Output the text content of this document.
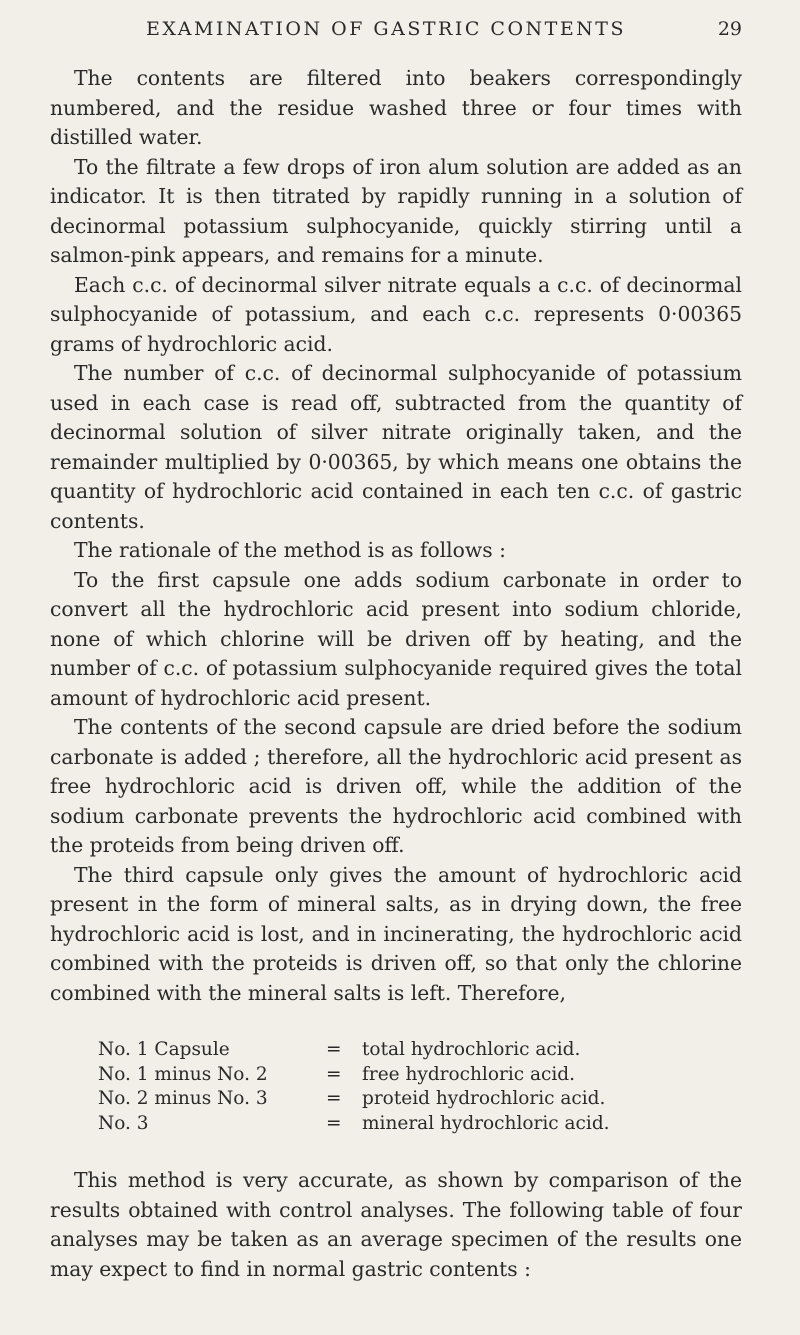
EXAMINATION OF GASTRIC CONTENTS	29

The contents are filtered into beakers correspondingly numbered, and the residue washed three or four times with distilled water.

To the filtrate a few drops of iron alum solution are added as an indicator. It is then titrated by rapidly running in a solution of decinormal potassium sulphocyanide, quickly stirring until a salmon-pink appears, and remains for a minute.

Each c.c. of decinormal silver nitrate equals a c.c. of decinormal sulphocyanide of potassium, and each c.c. represents 0·00365 grams of hydrochloric acid.

The number of c.c. of decinormal sulphocyanide of potassium used in each case is read off, subtracted from the quantity of decinormal solution of silver nitrate originally taken, and the remainder multiplied by 0·00365, by which means one obtains the quantity of hydrochloric acid contained in each ten c.c. of gastric contents.

The rationale of the method is as follows :

To the first capsule one adds sodium carbonate in order to convert all the hydrochloric acid present into sodium chloride, none of which chlorine will be driven off by heating, and the number of c.c. of potassium sulphocyanide required gives the total amount of hydrochloric acid present.

The contents of the second capsule are dried before the sodium carbonate is added ; therefore, all the hydrochloric acid present as free hydrochloric acid is driven off, while the addition of the sodium carbonate prevents the hydrochloric acid combined with the proteids from being driven off.

The third capsule only gives the amount of hydrochloric acid present in the form of mineral salts, as in drying down, the free hydrochloric acid is lost, and in incinerating, the hydrochloric acid combined with the proteids is driven off, so that only the chlorine combined with the mineral salts is left. Therefore,

No. 1 Capsule	=	total hydrochloric acid.
No. 1 minus No. 2	=	free hydrochloric acid.
No. 2 minus No. 3	=	proteid hydrochloric acid.
No. 3	=	mineral hydrochloric acid.

This method is very accurate, as shown by comparison of the results obtained with control analyses. The following table of four analyses may be taken as an average specimen of the results one may expect to find in normal gastric contents :
